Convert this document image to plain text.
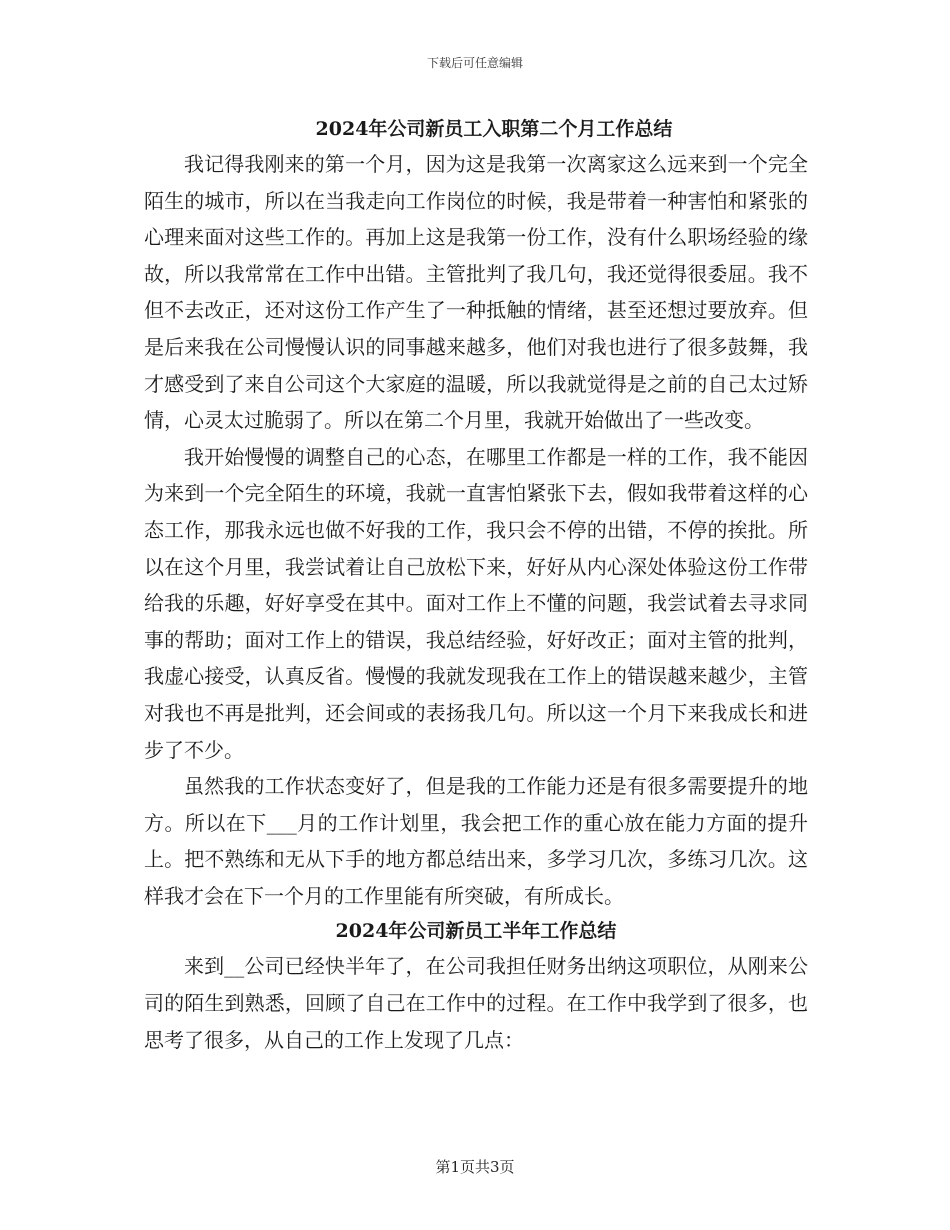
下载后可任意编辑
2024年公司新员工入职第二个月工作总结

我记得我刚来的第一个月，因为这是我第一次离家这么远来到一个完全陌生的城市，所以在当我走向工作岗位的时候，我是带着一种害怕和紧张的心理来面对这些工作的。再加上这是我第一份工作，没有什么职场经验的缘故，所以我常常在工作中出错。主管批判了我几句，我还觉得很委屈。我不但不去改正，还对这份工作产生了一种抵触的情绪，甚至还想过要放弃。但是后来我在公司慢慢认识的同事越来越多，他们对我也进行了很多鼓舞，我才感受到了来自公司这个大家庭的温暖，所以我就觉得是之前的自己太过矫情，心灵太过脆弱了。所以在第二个月里，我就开始做出了一些改变。

我开始慢慢的调整自己的心态，在哪里工作都是一样的工作，我不能因为来到一个完全陌生的环境，我就一直害怕紧张下去，假如我带着这样的心态工作，那我永远也做不好我的工作，我只会不停的出错，不停的挨批。所以在这个月里，我尝试着让自己放松下来，好好从内心深处体验这份工作带给我的乐趣，好好享受在其中。面对工作上不懂的问题，我尝试着去寻求同事的帮助；面对工作上的错误，我总结经验，好好改正；面对主管的批判，我虚心接受，认真反省。慢慢的我就发现我在工作上的错误越来越少，主管对我也不再是批判，还会间或的表扬我几句。所以这一个月下来我成长和进步了不少。

虽然我的工作状态变好了，但是我的工作能力还是有很多需要提升的地方。所以在下___月的工作计划里，我会把工作的重心放在能力方面的提升上。把不熟练和无从下手的地方都总结出来，多学习几次，多练习几次。这样我才会在下一个月的工作里能有所突破，有所成长。

2024年公司新员工半年工作总结

来到__公司已经快半年了，在公司我担任财务出纳这项职位，从刚来公司的陌生到熟悉，回顾了自己在工作中的过程。在工作中我学到了很多，也思考了很多，从自己的工作上发现了几点：

第1页共3页
